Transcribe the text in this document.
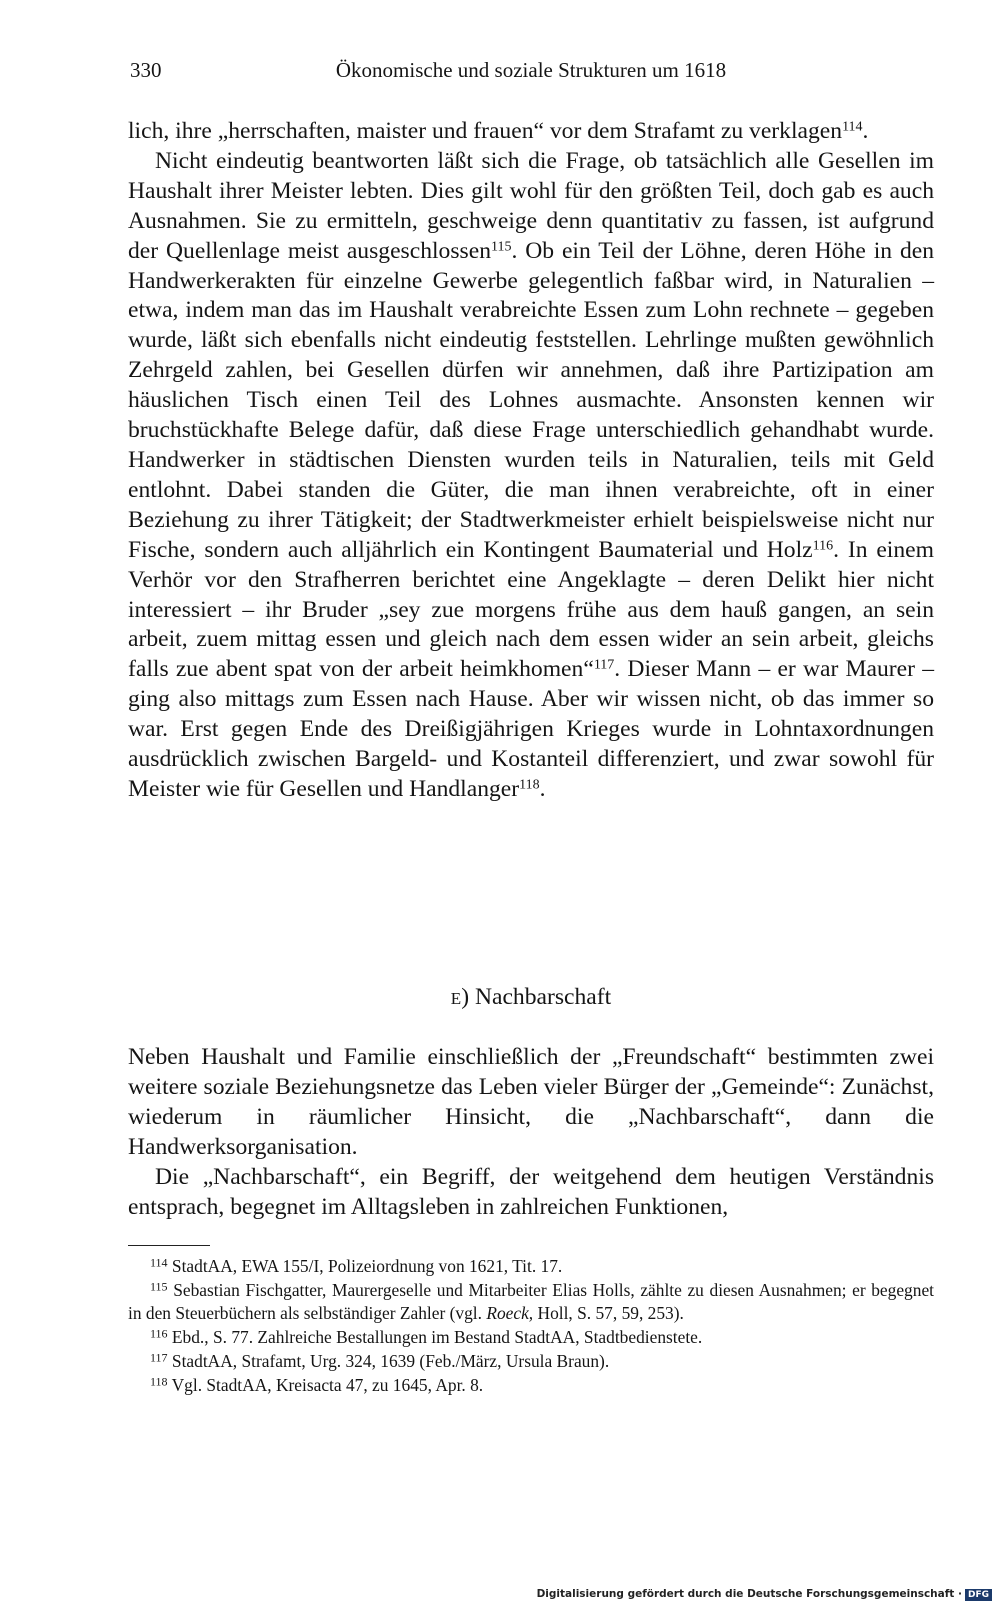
330	Ökonomische und soziale Strukturen um 1618

lich, ihre „herrschaften, maister und frauen“ vor dem Strafamt zu verklagen$^{114}$.

Nicht eindeutig beantworten läßt sich die Frage, ob tatsächlich alle Gesellen im Haushalt ihrer Meister lebten. Dies gilt wohl für den größten Teil, doch gab es auch Ausnahmen. Sie zu ermitteln, geschweige denn quantitativ zu fassen, ist aufgrund der Quellenlage meist ausgeschlossen$^{115}$. Ob ein Teil der Löhne, deren Höhe in den Handwerkerakten für einzelne Gewerbe gelegentlich faßbar wird, in Naturalien – etwa, indem man das im Haushalt verabreichte Essen zum Lohn rechnete – gegeben wurde, läßt sich ebenfalls nicht eindeutig feststellen. Lehrlinge mußten gewöhnlich Zehrgeld zahlen, bei Gesellen dürfen wir annehmen, daß ihre Partizipation am häuslichen Tisch einen Teil des Lohnes ausmachte. Ansonsten kennen wir bruchstückhafte Belege dafür, daß diese Frage unterschiedlich gehandhabt wurde. Handwerker in städtischen Diensten wurden teils in Naturalien, teils mit Geld entlohnt. Dabei standen die Güter, die man ihnen verabreichte, oft in einer Beziehung zu ihrer Tätigkeit; der Stadtwerkmeister erhielt beispielsweise nicht nur Fische, sondern auch alljährlich ein Kontingent Baumaterial und Holz$^{116}$. In einem Verhör vor den Strafherren berichtet eine Angeklagte – deren Delikt hier nicht interessiert – ihr Bruder „sey zue morgens frühe aus dem hauß gangen, an sein arbeit, zuem mittag essen und gleich nach dem essen wider an sein arbeit, gleichs falls zue abent spat von der arbeit heimkhomen“$^{117}$. Dieser Mann – er war Maurer – ging also mittags zum Essen nach Hause. Aber wir wissen nicht, ob das immer so war. Erst gegen Ende des Dreißigjährigen Krieges wurde in Lohntaxordnungen ausdrücklich zwischen Bargeld- und Kostanteil differenziert, und zwar sowohl für Meister wie für Gesellen und Handlanger$^{118}$.

E) Nachbarschaft

Neben Haushalt und Familie einschließlich der „Freundschaft“ bestimmten zwei weitere soziale Beziehungsnetze das Leben vieler Bürger der „Gemeinde“: Zunächst, wiederum in räumlicher Hinsicht, die „Nachbarschaft“, dann die Handwerksorganisation.

Die „Nachbarschaft“, ein Begriff, der weitgehend dem heutigen Verständnis entsprach, begegnet im Alltagsleben in zahlreichen Funktionen,

$^{114}$ StadtAA, EWA 155/I, Polizeiordnung von 1621, Tit. 17.

$^{115}$ Sebastian Fischgatter, Maurergeselle und Mitarbeiter Elias Holls, zählte zu diesen Ausnahmen; er begegnet in den Steuerbüchern als selbständiger Zahler (vgl. Roeck, Holl, S. 57, 59, 253).

$^{116}$ Ebd., S. 77. Zahlreiche Bestallungen im Bestand StadtAA, Stadtbedienstete.

$^{117}$ StadtAA, Strafamt, Urg. 324, 1639 (Feb./März, Ursula Braun).

$^{118}$ Vgl. StadtAA, Kreisacta 47, zu 1645, Apr. 8.

Digitalisierung gefördert durch die Deutsche Forschungsgemeinschaft · DFG
